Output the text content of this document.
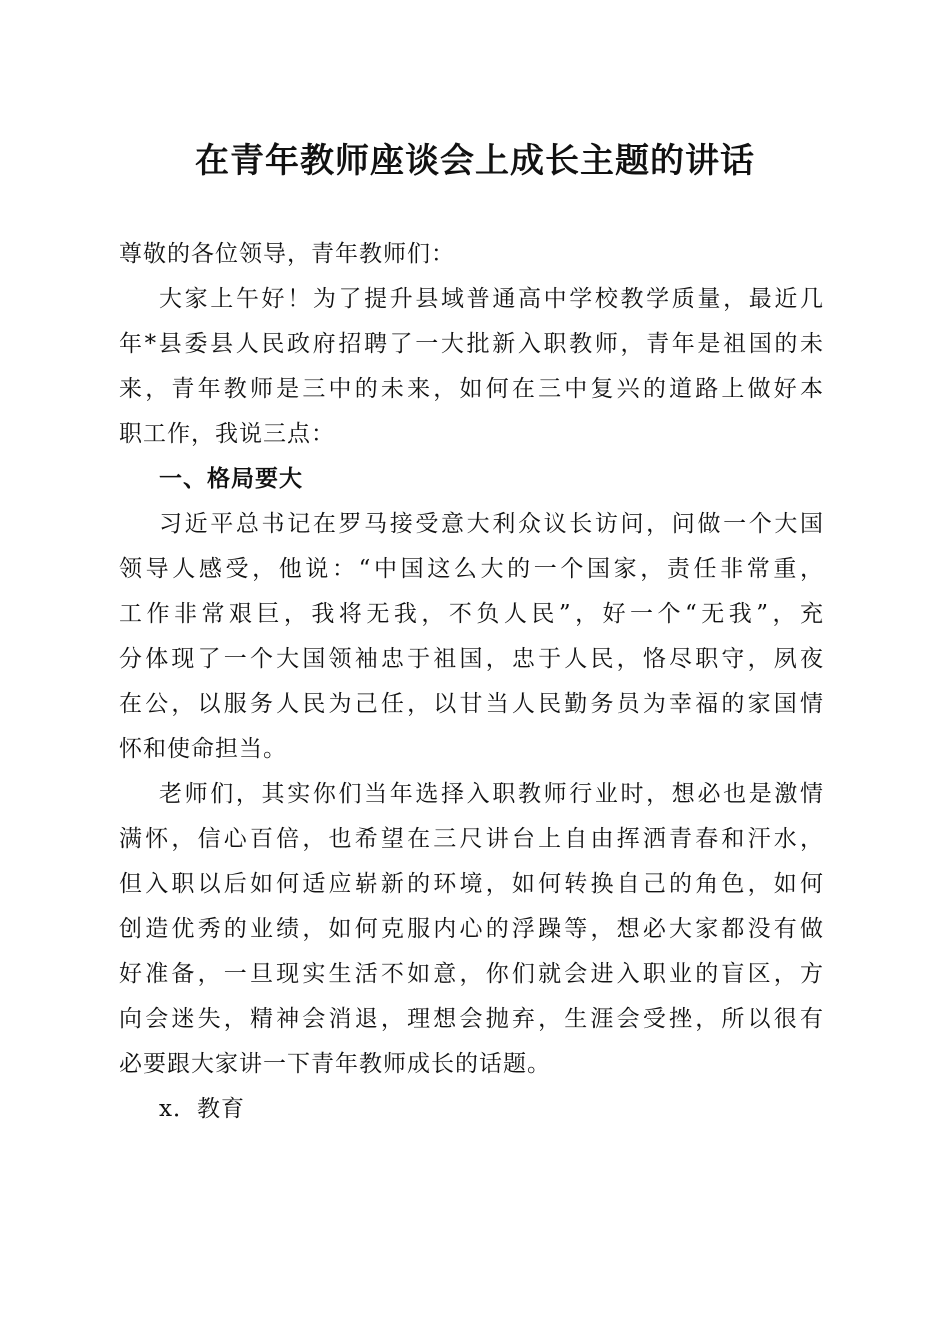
在青年教师座谈会上成长主题的讲话

尊敬的各位领导，青年教师们：

大家上午好！为了提升县域普通高中学校教学质量，最近几

年*县委县人民政府招聘了一大批新入职教师，青年是祖国的未

来，青年教师是三中的未来，如何在三中复兴的道路上做好本

职工作，我说三点：

一、格局要大

习近平总书记在罗马接受意大利众议长访问，问做一个大国

领导人感受，他说：“中国这么大的一个国家，责任非常重，

工作非常艰巨，我将无我，不负人民”，好一个“无我”，充

分体现了一个大国领袖忠于祖国，忠于人民，恪尽职守，夙夜

在公，以服务人民为己任，以甘当人民勤务员为幸福的家国情

怀和使命担当。

老师们，其实你们当年选择入职教师行业时，想必也是激情

满怀，信心百倍，也希望在三尺讲台上自由挥洒青春和汗水，

但入职以后如何适应崭新的环境，如何转换自己的角色，如何

创造优秀的业绩，如何克服内心的浮躁等，想必大家都没有做

好准备，一旦现实生活不如意，你们就会进入职业的盲区，方

向会迷失，精神会消退，理想会抛弃，生涯会受挫，所以很有

必要跟大家讲一下青年教师成长的话题。

x．教育
